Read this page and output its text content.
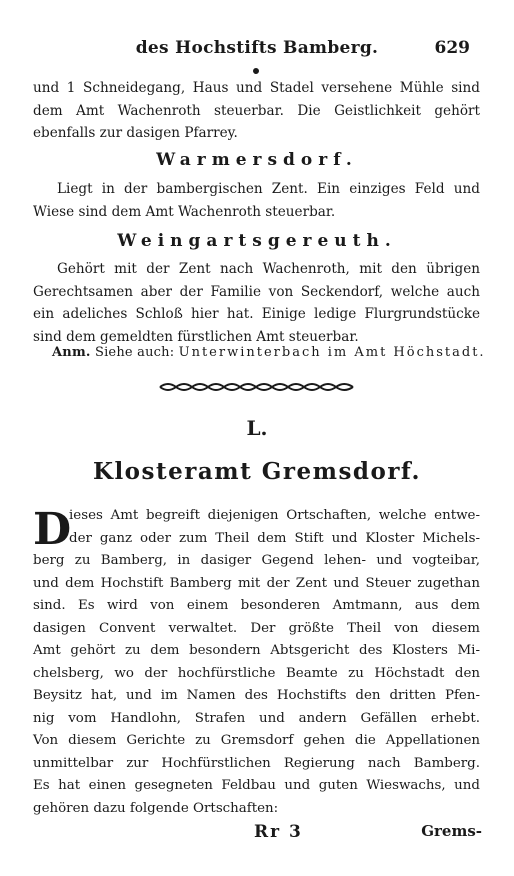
des Hochstifts Bamberg.	629
und 1 Schneidegang, Haus und Stadel versehene Mühle sind
dem Amt Wachenroth steuerbar. Die Geistlichkeit gehört
ebenfalls zur dasigen Pfarrey.
Warmersdorf.
Liegt in der bambergischen Zent. Ein einziges Feld und
Wiese sind dem Amt Wachenroth steuerbar.
Weingartsgereuth.
Gehört mit der Zent nach Wachenroth, mit den übrigen
Gerechtsamen aber der Familie von Seckendorf, welche auch
ein adeliches Schloß hier hat. Einige ledige Flurgrundstücke
sind dem gemeldten fürstlichen Amt steuerbar.
Anm. Siehe auch: Unterwinterbach im Amt Höchstadt.
L.
Klosteramt Gremsdorf.
D
ieses Amt begreift diejenigen Ortschaften, welche entwe-
der ganz oder zum Theil dem Stift und Kloster Michels-
berg zu Bamberg, in dasiger Gegend lehen- und vogteibar,
und dem Hochstift Bamberg mit der Zent und Steuer zugethan
sind. Es wird von einem besonderen Amtmann, aus dem
dasigen Convent verwaltet. Der größte Theil von diesem
Amt gehört zu dem besondern Abtsgericht des Klosters Mi-
chelsberg, wo der hochfürstliche Beamte zu Höchstadt den
Beysitz hat, und im Namen des Hochstifts den dritten Pfen-
nig vom Handlohn, Strafen und andern Gefällen erhebt.
Von diesem Gerichte zu Gremsdorf gehen die Appellationen
unmittelbar zur Hochfürstlichen Regierung nach Bamberg.
Es hat einen gesegneten Feldbau und guten Wieswachs, und
gehören dazu folgende Ortschaften:
Rr 3	Grems-
